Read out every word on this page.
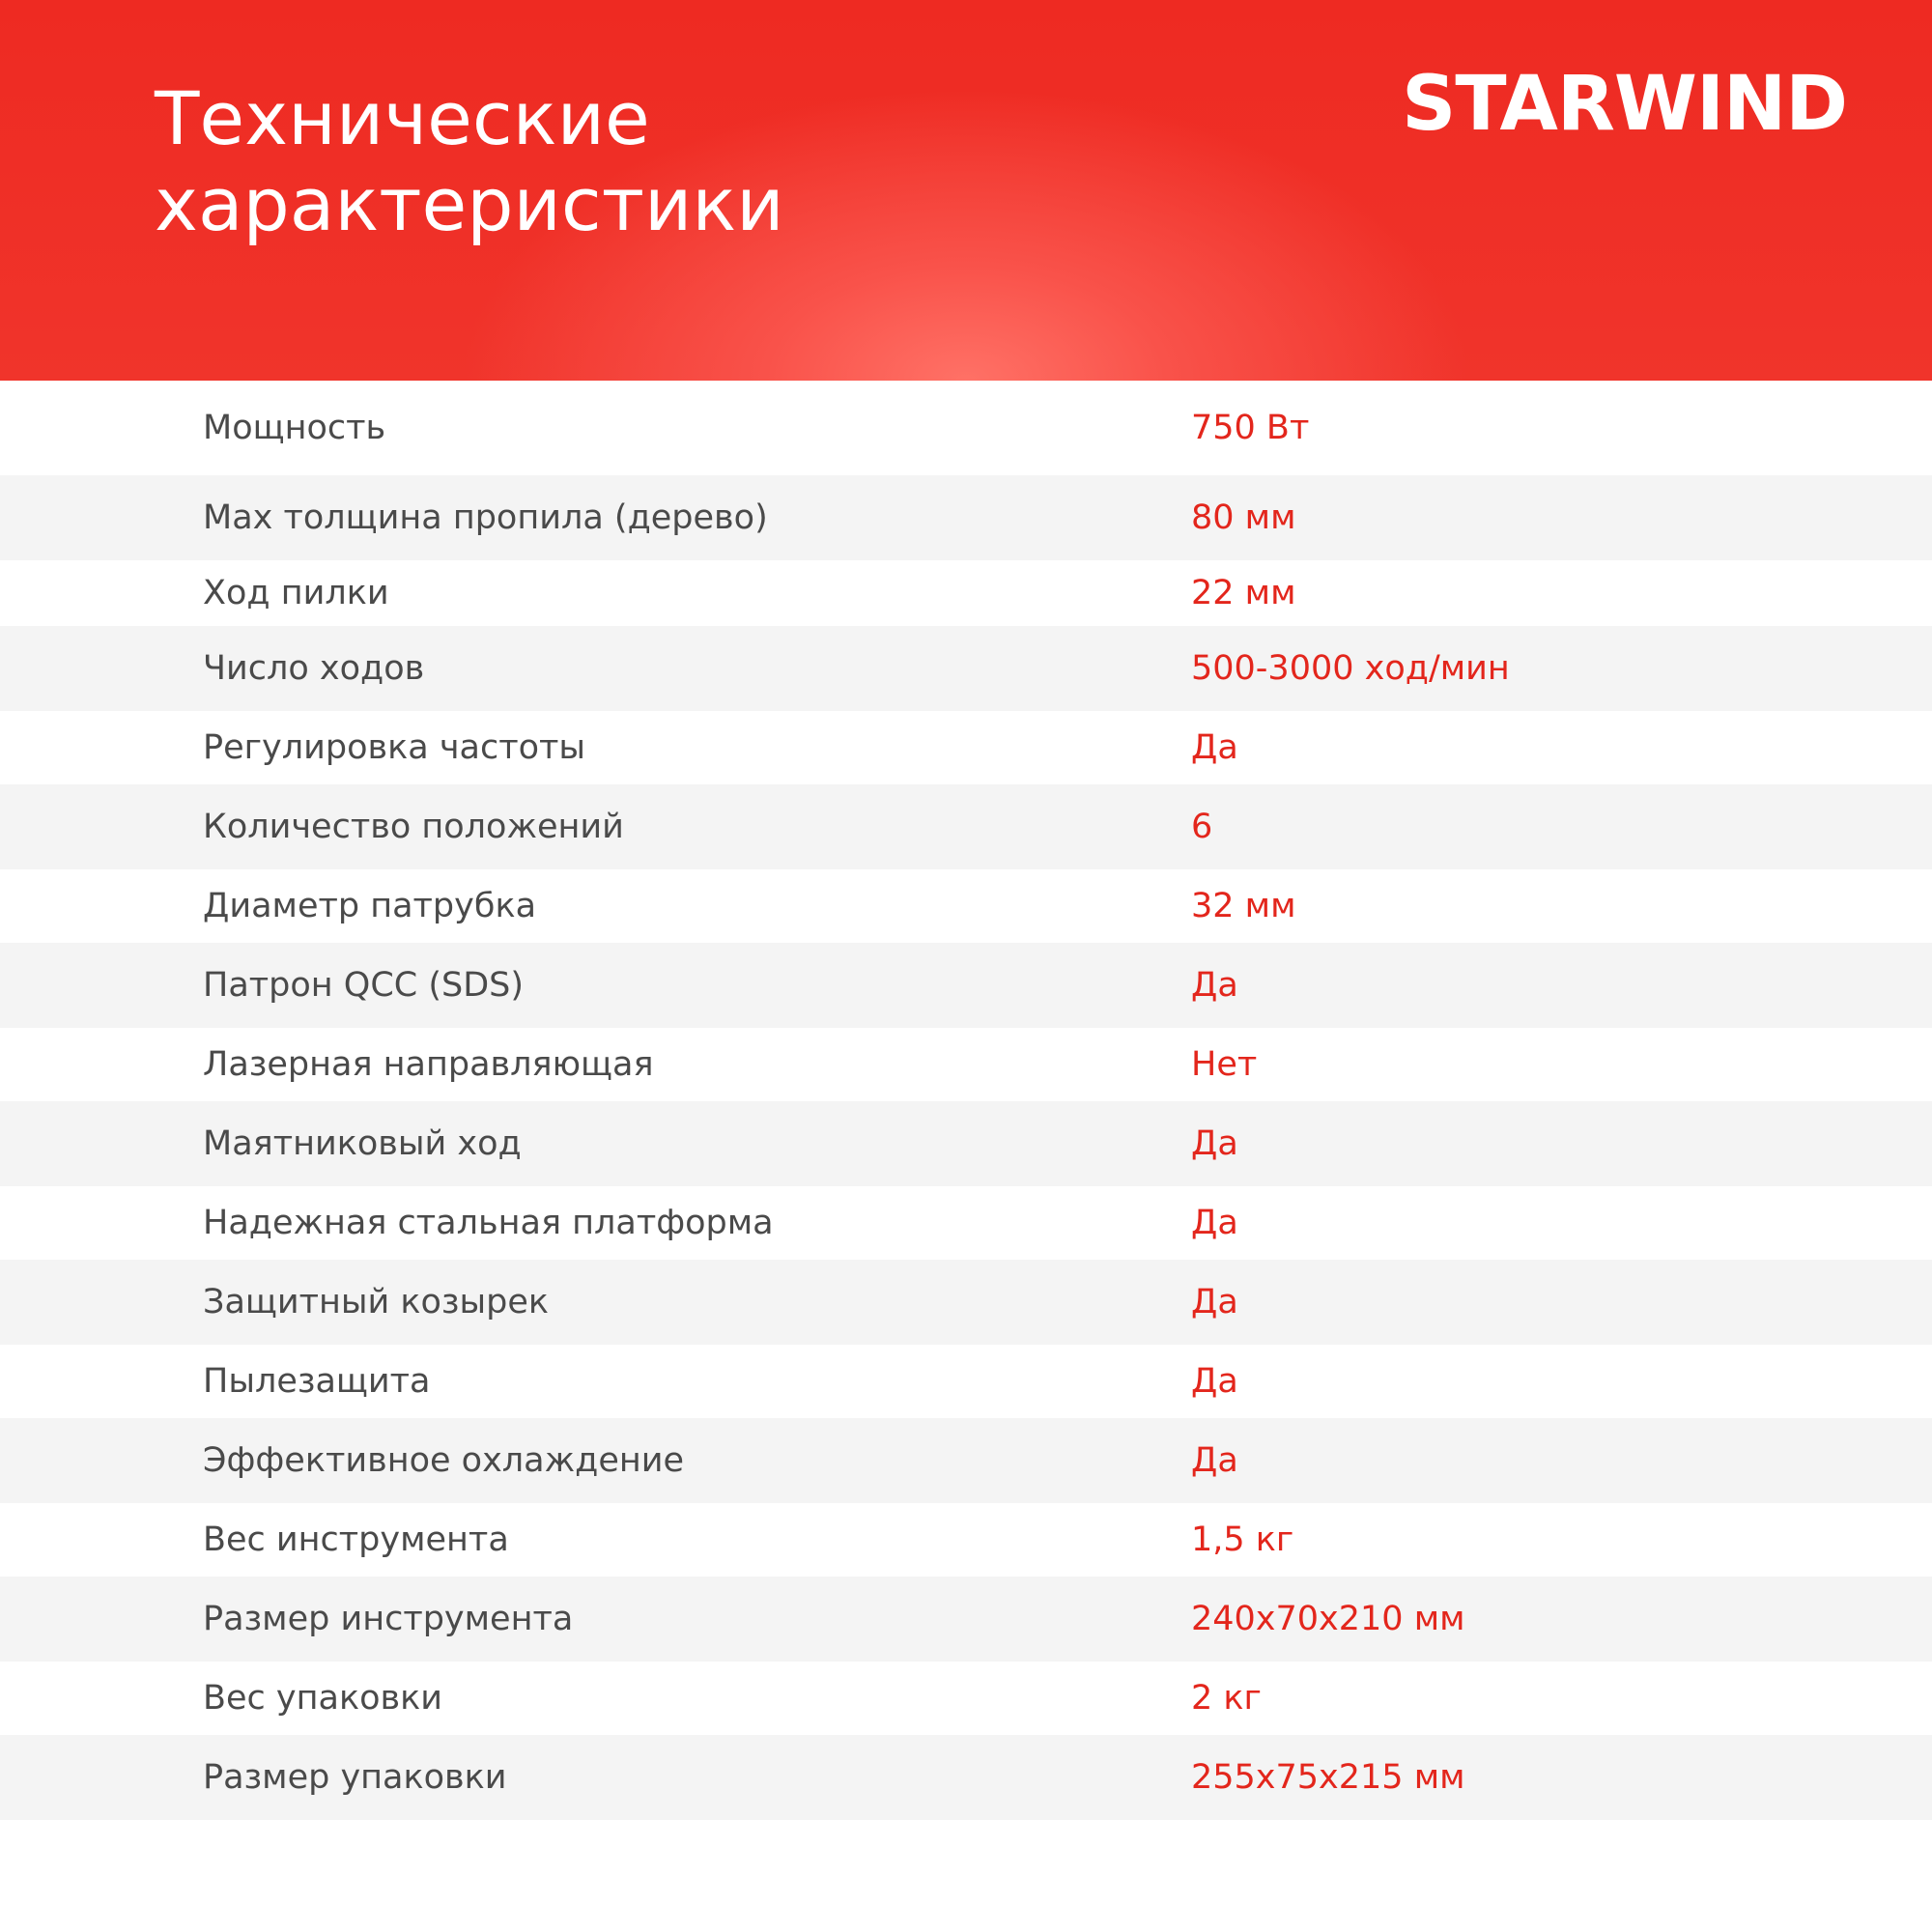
Технические
характеристики
STARWIND
Мощность	750 Вт
Max толщина пропила (дерево)	80 мм
Ход пилки	22 мм
Число ходов	500-3000 ход/мин
Регулировка частоты	Да
Количество положений	6
Диаметр патрубка	32 мм
Патрон QCC (SDS)	Да
Лазерная направляющая	Нет
Маятниковый ход	Да
Надежная стальная платформа	Да
Защитный козырек	Да
Пылезащита	Да
Эффективное охлаждение	Да
Вес инструмента	1,5 кг
Размер инструмента	240x70x210 мм
Вес упаковки	2 кг
Размер упаковки	255x75x215 мм
